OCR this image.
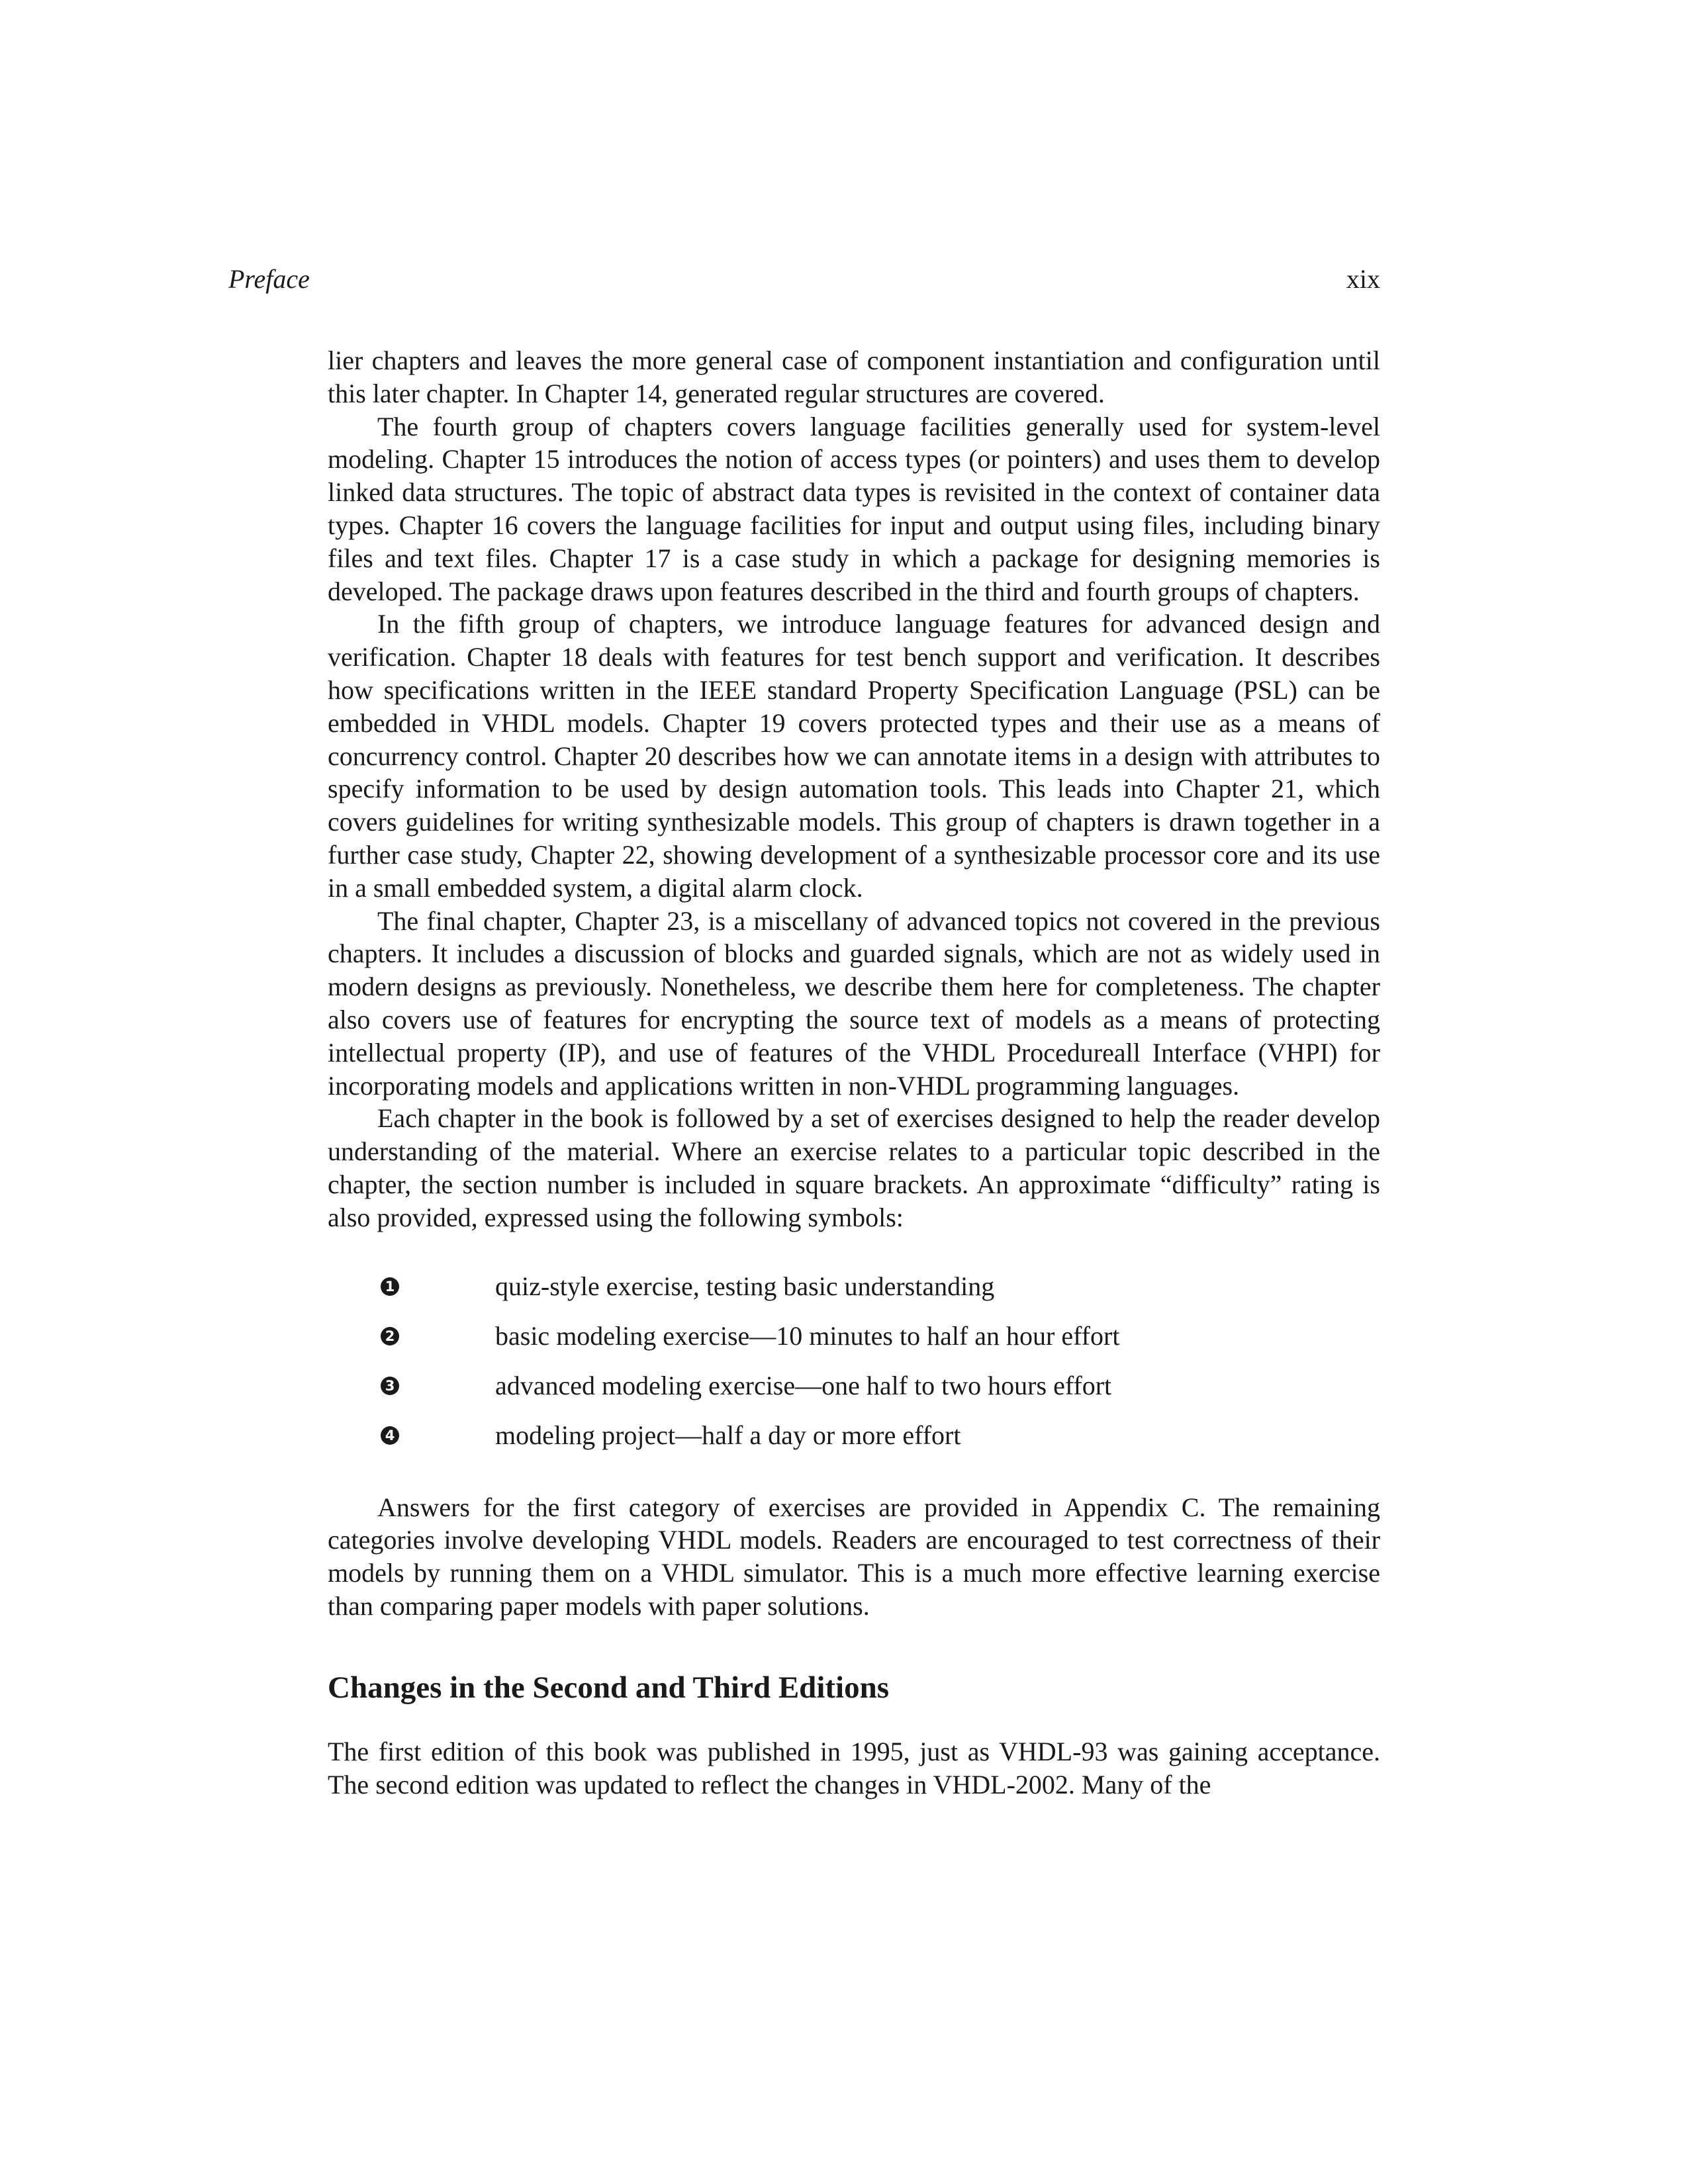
Preface	xix

lier chapters and leaves the more general case of component instantiation and configuration until this later chapter. In Chapter 14, generated regular structures are covered.

The fourth group of chapters covers language facilities generally used for system-level modeling. Chapter 15 introduces the notion of access types (or pointers) and uses them to develop linked data structures. The topic of abstract data types is revisited in the context of container data types. Chapter 16 covers the language facilities for input and output using files, including binary files and text files. Chapter 17 is a case study in which a package for designing memories is developed. The package draws upon features described in the third and fourth groups of chapters.

In the fifth group of chapters, we introduce language features for advanced design and verification. Chapter 18 deals with features for test bench support and verification. It describes how specifications written in the IEEE standard Property Specification Language (PSL) can be embedded in VHDL models. Chapter 19 covers protected types and their use as a means of concurrency control. Chapter 20 describes how we can annotate items in a design with attributes to specify information to be used by design automation tools. This leads into Chapter 21, which covers guidelines for writing synthesizable models. This group of chapters is drawn together in a further case study, Chapter 22, showing development of a synthesizable processor core and its use in a small embedded system, a digital alarm clock.

The final chapter, Chapter 23, is a miscellany of advanced topics not covered in the previous chapters. It includes a discussion of blocks and guarded signals, which are not as widely used in modern designs as previously. Nonetheless, we describe them here for completeness. The chapter also covers use of features for encrypting the source text of models as a means of protecting intellectual property (IP), and use of features of the VHDL Procedureall Interface (VHPI) for incorporating models and applications written in non-VHDL programming languages.

Each chapter in the book is followed by a set of exercises designed to help the reader develop understanding of the material. Where an exercise relates to a particular topic described in the chapter, the section number is included in square brackets. An approximate “difficulty” rating is also provided, expressed using the following symbols:

1	quiz-style exercise, testing basic understanding
2	basic modeling exercise—10 minutes to half an hour effort
3	advanced modeling exercise—one half to two hours effort
4	modeling project—half a day or more effort

Answers for the first category of exercises are provided in Appendix C. The remaining categories involve developing VHDL models. Readers are encouraged to test correctness of their models by running them on a VHDL simulator. This is a much more effective learning exercise than comparing paper models with paper solutions.

Changes in the Second and Third Editions

The first edition of this book was published in 1995, just as VHDL-93 was gaining acceptance. The second edition was updated to reflect the changes in VHDL-2002. Many of the
